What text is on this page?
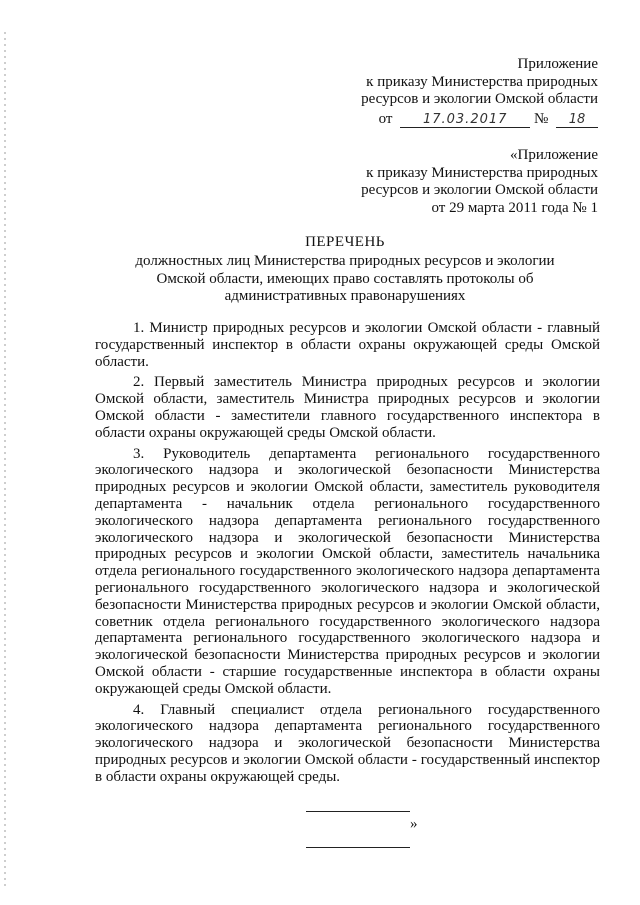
Приложение
к приказу Министерства природных
ресурсов и экологии Омской области
от 17.03.2017 № 18
«Приложение
к приказу Министерства природных
ресурсов и экологии Омской области
от 29 марта 2011 года № 1
ПЕРЕЧЕНЬ
должностных лиц Министерства природных ресурсов и экологии
Омской области, имеющих право составлять протоколы об
административных правонарушениях

1. Министр природных ресурсов и экологии Омской области - главный государственный инспектор в области охраны окружающей среды Омской области.

2. Первый заместитель Министра природных ресурсов и экологии Омской области, заместитель Министра природных ресурсов и экологии Омской области - заместители главного государственного инспектора в области охраны окружающей среды Омской области.

3. Руководитель департамента регионального государственного экологического надзора и экологической безопасности Министерства природных ресурсов и экологии Омской области, заместитель руководителя департамента - начальник отдела регионального государственного экологического надзора департамента регионального государственного экологического надзора и экологической безопасности Министерства природных ресурсов и экологии Омской области, заместитель начальника отдела регионального государственного экологического надзора департамента регионального государственного экологического надзора и экологической безопасности Министерства природных ресурсов и экологии Омской области, советник отдела регионального государственного экологического надзора департамента регионального государственного экологического надзора и экологической безопасности Министерства природных ресурсов и экологии Омской области - старшие государственные инспектора в области охраны окружающей среды Омской области.

4. Главный специалист отдела регионального государственного экологического надзора департамента регионального государственного экологического надзора и экологической безопасности Министерства природных ресурсов и экологии Омской области - государственный инспектор в области охраны окружающей среды.

»
